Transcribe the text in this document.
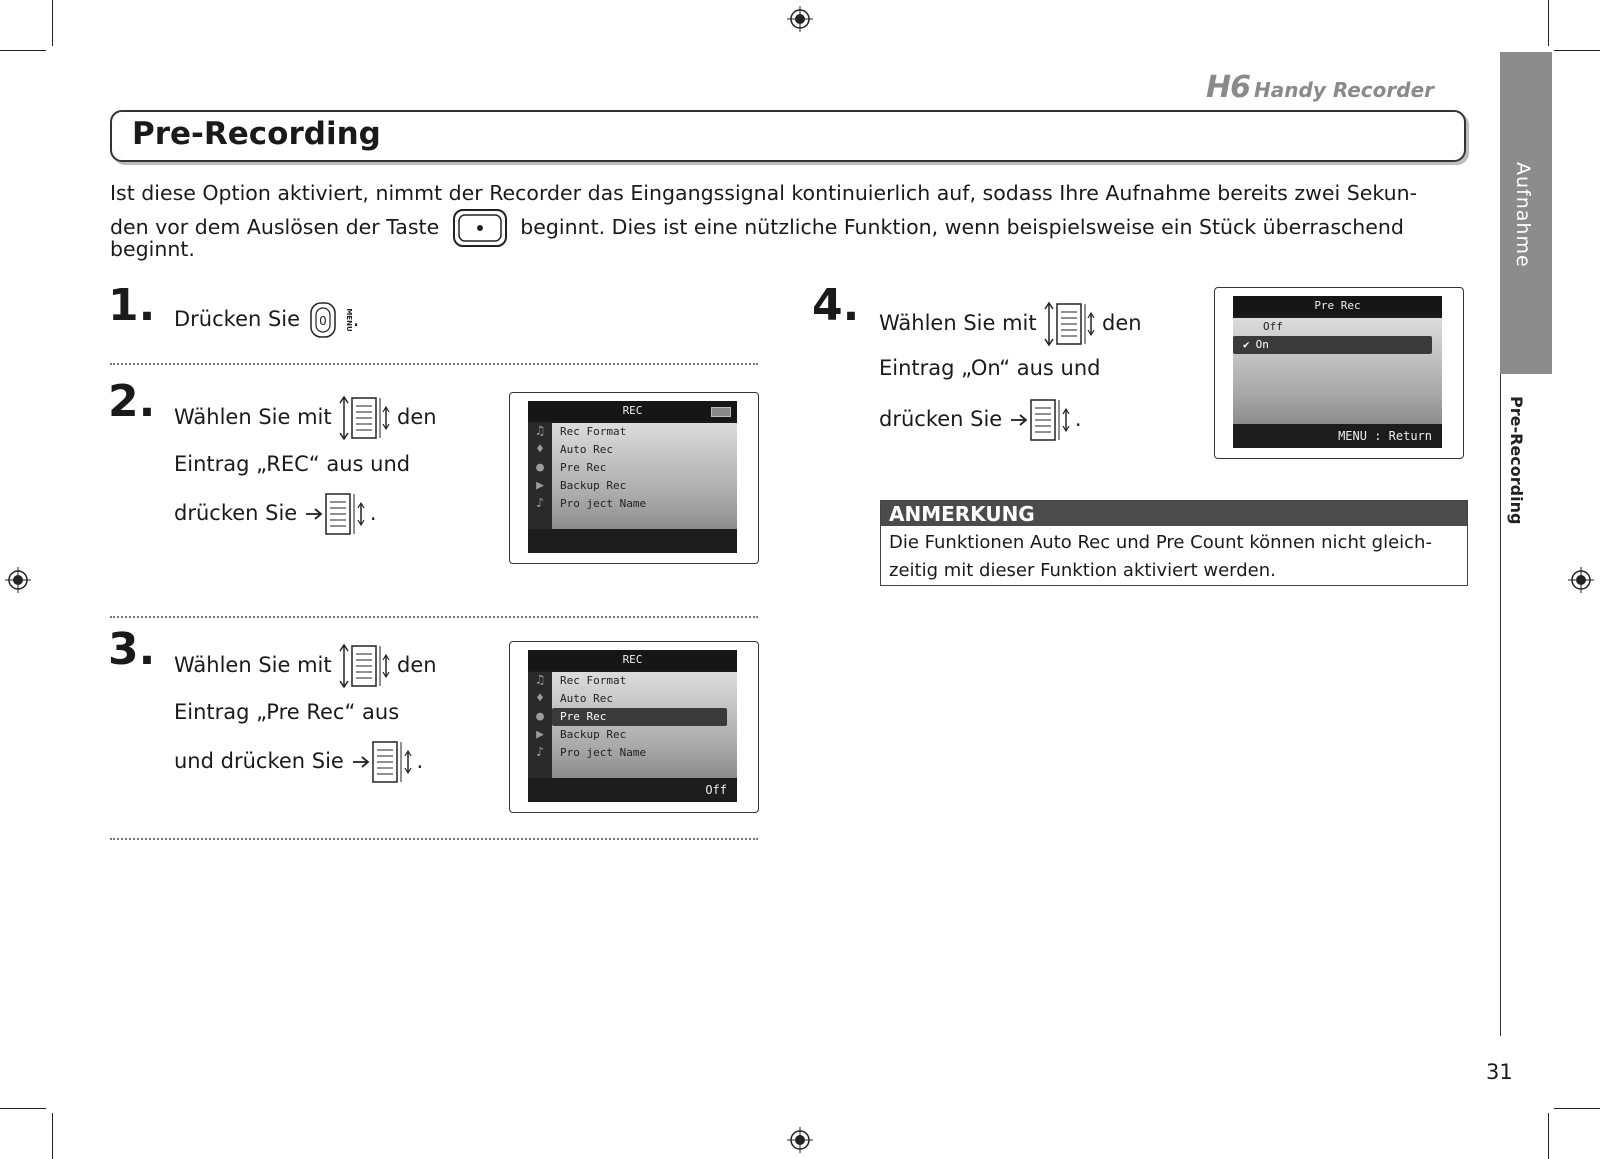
H6 Handy Recorder
Pre-Recording
Ist diese Option aktiviert, nimmt der Recorder das Eingangssignal kontinuierlich auf, sodass Ihre Aufnahme bereits zwei Sekun-
den vor dem Auslösen der Taste	beginnt. Dies ist eine nützliche Funktion, wenn beispielsweise ein Stück überraschend
beginnt.
1. Drücken Sie 0	MENU .
2. Wählen Sie mit	den
Eintrag „REC“ aus und
drücken Sie	.
REC
♫
♦
●
▶
♪
Rec Format
Auto Rec
Pre Rec
Backup Rec
Pro ject Name
3. Wählen Sie mit	den
Eintrag „Pre Rec“ aus
und drücken Sie	.
REC
♫
♦
●
▶
♪
Rec Format
Auto Rec
Pre Rec
Backup Rec
Pro ject Name
Off
4. Wählen Sie mit	den
Eintrag „On“ aus und
drücken Sie	.
Pre Rec
Off
✔ On
MENU : Return
ANMERKUNG
Die Funktionen Auto Rec und Pre Count können nicht gleich-
zeitig mit dieser Funktion aktiviert werden.
Aufnahme
Pre-Recording
31
